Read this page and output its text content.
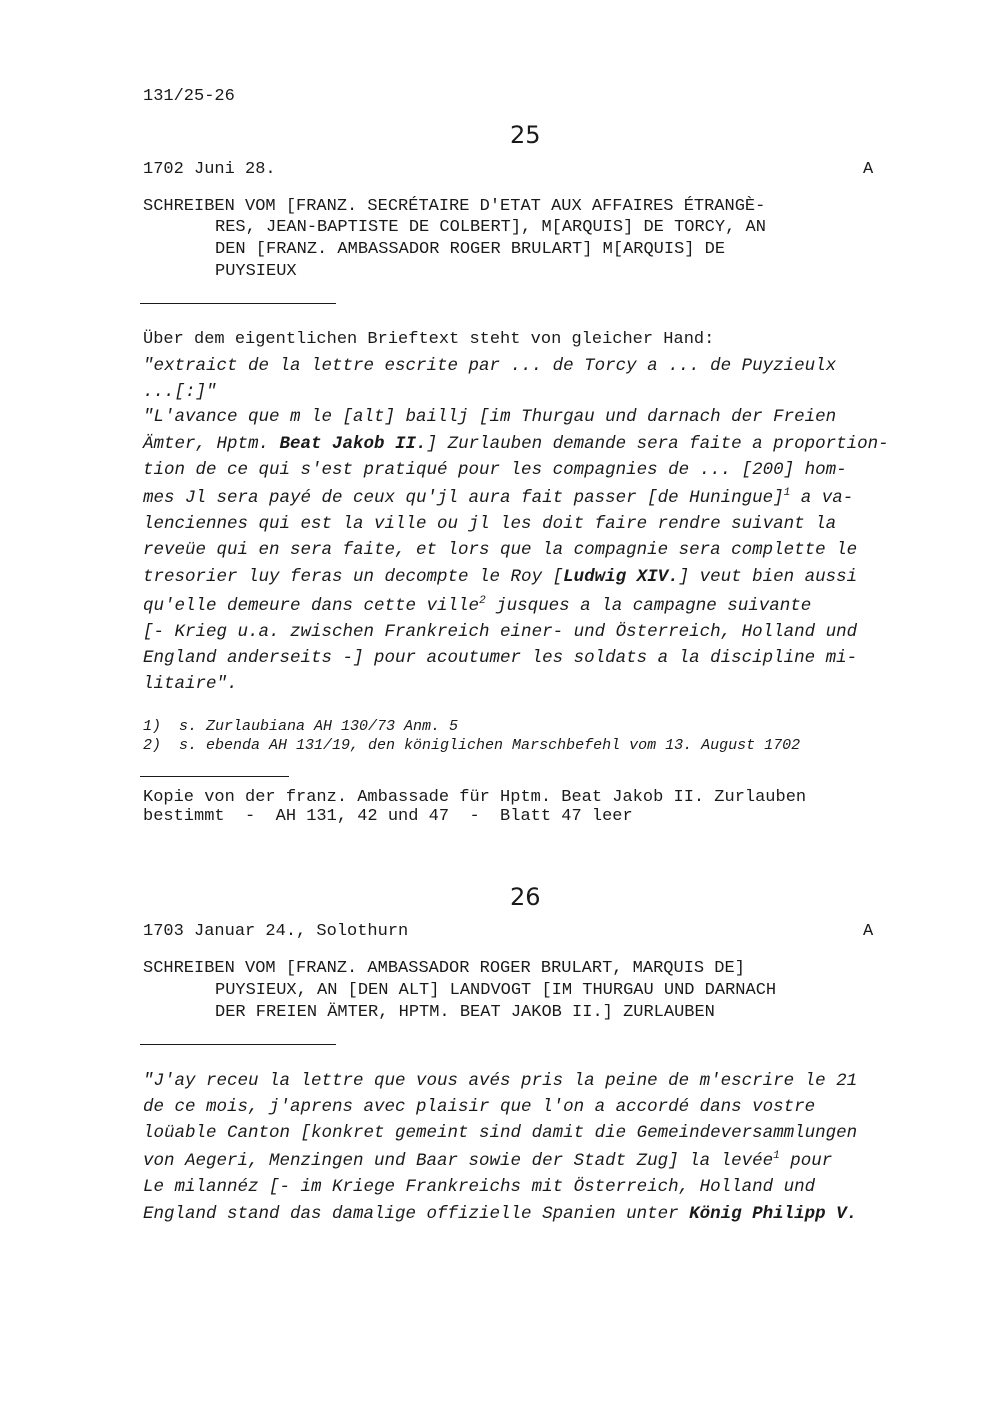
131/25-26
25
1702 Juni 28.	A
SCHREIBEN VOM [FRANZ. SECRÉTAIRE D'ETAT AUX AFFAIRES ÉTRANGÈ-
RES, JEAN-BAPTISTE DE COLBERT], M[ARQUIS] DE TORCY, AN
DEN [FRANZ. AMBASSADOR ROGER BRULART] M[ARQUIS] DE
PUYSIEUX
Über dem eigentlichen Brieftext steht von gleicher Hand:
"extraict de la lettre escrite par ... de Torcy a ... de Puyzieulx
...[:]"
"L'avance que m le [alt] baillj [im Thurgau und darnach der Freien
Ämter, Hptm. Beat Jakob II.] Zurlauben demande sera faite a proportion-
tion de ce qui s'est pratiqué pour les compagnies de ... [200] hom-
mes Jl sera payé de ceux qu'jl aura fait passer [de Huningue]$^1$ a va-
lenciennes qui est la ville ou jl les doit faire rendre suivant la
reveüe qui en sera faite, et lors que la compagnie sera complette le
tresorier luy feras un decompte le Roy [Ludwig XIV.] veut bien aussi
qu'elle demeure dans cette ville$^2$ jusques a la campagne suivante
[- Krieg u.a. zwischen Frankreich einer- und Österreich, Holland und
England anderseits -] pour acoutumer les soldats a la discipline mi-
litaire".
1)  s. Zurlaubiana AH 130/73 Anm. 5
2)  s. ebenda AH 131/19, den königlichen Marschbefehl vom 13. August 1702
Kopie von der franz. Ambassade für Hptm. Beat Jakob II. Zurlauben
bestimmt  -  AH 131, 42 und 47  -  Blatt 47 leer
26
1703 Januar 24., Solothurn	A
SCHREIBEN VOM [FRANZ. AMBASSADOR ROGER BRULART, MARQUIS DE]
PUYSIEUX, AN [DEN ALT] LANDVOGT [IM THURGAU UND DARNACH
DER FREIEN ÄMTER, HPTM. BEAT JAKOB II.] ZURLAUBEN
"J'ay receu la lettre que vous avés pris la peine de m'escrire le 21
de ce mois, j'aprens avec plaisir que l'on a accordé dans vostre
loüable Canton [konkret gemeint sind damit die Gemeindeversammlungen
von Aegeri, Menzingen und Baar sowie der Stadt Zug] la levée$^1$ pour
Le milannéz [- im Kriege Frankreichs mit Österreich, Holland und
England stand das damalige offizielle Spanien unter König Philipp V.
